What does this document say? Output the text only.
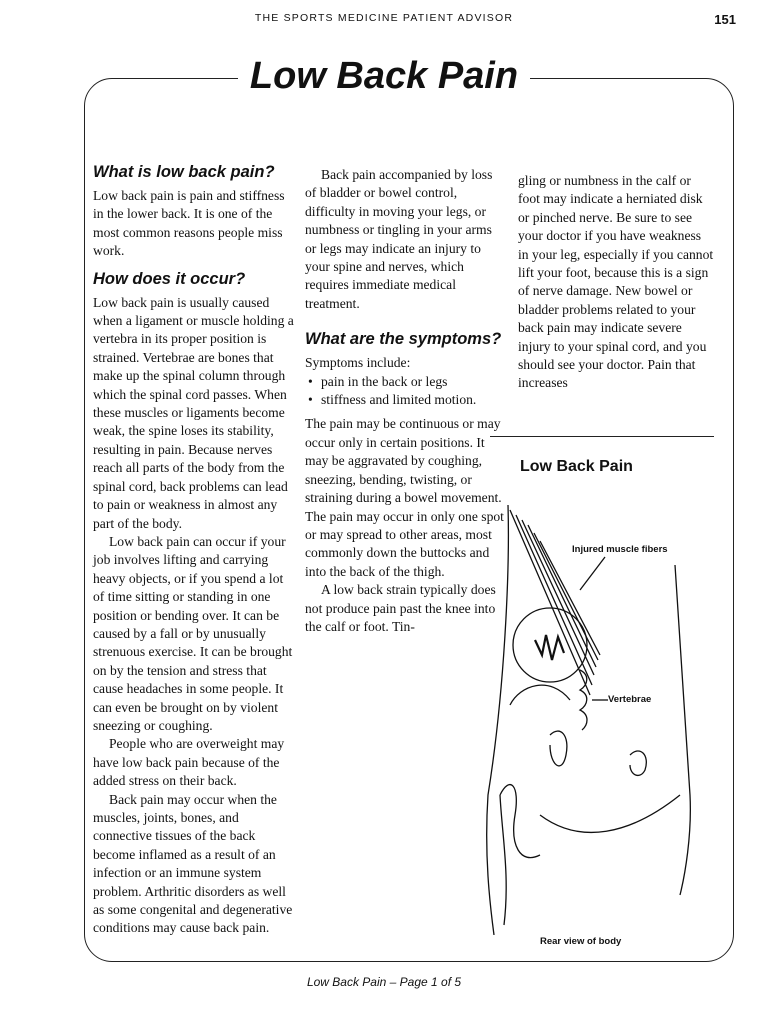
THE SPORTS MEDICINE PATIENT ADVISOR	151
Low Back Pain
What is low back pain?

Low back pain is pain and stiffness in the lower back. It is one of the most common reasons people miss work.

How does it occur?

Low back pain is usually caused when a ligament or muscle holding a vertebra in its proper position is strained. Vertebrae are bones that make up the spinal column through which the spinal cord passes. When these muscles or ligaments become weak, the spine loses its stability, resulting in pain. Because nerves reach all parts of the body from the spinal cord, back problems can lead to pain or weakness in almost any part of the body.

Low back pain can occur if your job involves lifting and carrying heavy objects, or if you spend a lot of time sitting or standing in one position or bending over. It can be caused by a fall or by unusually strenuous exercise. It can be brought on by the tension and stress that cause headaches in some people. It can even be brought on by violent sneezing or coughing.

People who are overweight may have low back pain because of the added stress on their back.

Back pain may occur when the muscles, joints, bones, and connective tissues of the back become inflamed as a result of an infection or an immune system problem. Arthritic disorders as well as some congenital and degenerative conditions may cause back pain.

Back pain accompanied by loss of bladder or bowel control, difficulty in moving your legs, or numbness or tingling in your arms or legs may indicate an injury to your spine and nerves, which requires immediate medical treatment.

What are the symptoms?

Symptoms include:

• pain in the back or legs
• stiffness and limited motion.

The pain may be continuous or may occur only in certain positions. It may be aggravated by coughing, sneezing, bending, twisting, or straining during a bowel movement. The pain may occur in only one spot or may spread to other areas, most commonly down the buttocks and into the back of the thigh.

A low back strain typically does not produce pain past the knee into the calf or foot. Tin-

gling or numbness in the calf or foot may indicate a herniated disk or pinched nerve. Be sure to see your doctor if you have weakness in your leg, especially if you cannot lift your foot, because this is a sign of nerve damage. New bowel or bladder problems related to your back pain may indicate severe injury to your spinal cord, and you should see your doctor. Pain that increases

Low Back Pain
Injured muscle fibers
Vertebrae
Rear view of body
Low Back Pain – Page 1 of 5
